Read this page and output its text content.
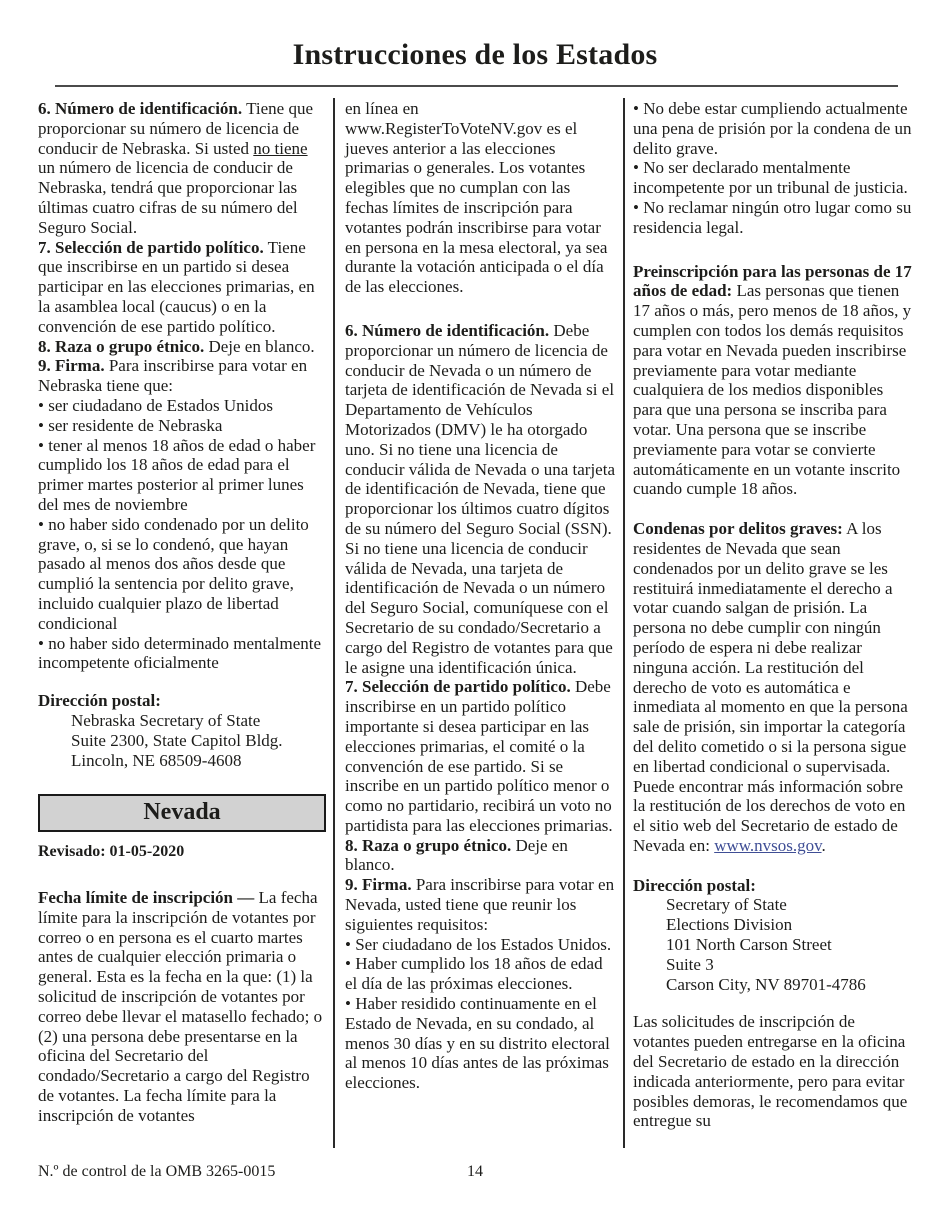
Instrucciones de los Estados

6. Número de identificación. Tiene que proporcionar su número de licencia de conducir de Nebraska. Si usted no tiene un número de licencia de conducir de Nebraska, tendrá que proporcionar las últimas cuatro cifras de su número del Seguro Social.

7. Selección de partido político. Tiene que inscribirse en un partido si desea participar en las elecciones primarias, en la asamblea local (caucus) o en la convención de ese partido político.

8. Raza o grupo étnico. Deje en blanco.

9. Firma. Para inscribirse para votar en Nebraska tiene que:

• ser ciudadano de Estados Unidos

• ser residente de Nebraska

• tener al menos 18 años de edad o haber cumplido los 18 años de edad para el primer martes posterior al primer lunes del mes de noviembre

• no haber sido condenado por un delito grave, o, si se lo condenó, que hayan pasado al menos dos años desde que cumplió la sentencia por delito grave, incluido cualquier plazo de libertad condicional

• no haber sido determinado mentalmente incompetente oficialmente

Dirección postal:

Nebraska Secretary of State
Suite 2300, State Capitol Bldg.
Lincoln, NE 68509-4608
Nevada

Revisado: 01-05-2020

Fecha límite de inscripción — La fecha límite para la inscripción de votantes por correo o en persona es el cuarto martes antes de cualquier elección primaria o general. Esta es la fecha en la que: (1) la solicitud de inscripción de votantes por correo debe llevar el matasello fechado; o (2) una persona debe presentarse en la oficina del Secretario del condado/Secretario a cargo del Registro de votantes. La fecha límite para la inscripción de votantes

en línea en www.RegisterToVoteNV.gov es el jueves anterior a las elecciones primarias o generales. Los votantes elegibles que no cumplan con las fechas límites de inscripción para votantes podrán inscribirse para votar en persona en la mesa electoral, ya sea durante la votación anticipada o el día de las elecciones.

6. Número de identificación. Debe proporcionar un número de licencia de conducir de Nevada o un número de tarjeta de identificación de Nevada si el Departamento de Vehículos Motorizados (DMV) le ha otorgado uno. Si no tiene una licencia de conducir válida de Nevada o una tarjeta de identificación de Nevada, tiene que proporcionar los últimos cuatro dígitos de su número del Seguro Social (SSN). Si no tiene una licencia de conducir válida de Nevada, una tarjeta de identificación de Nevada o un número del Seguro Social, comuníquese con el Secretario de su condado/Secretario a cargo del Registro de votantes para que le asigne una identificación única.

7. Selección de partido político. Debe inscribirse en un partido político importante si desea participar en las elecciones primarias, el comité o la convención de ese partido. Si se inscribe en un partido político menor o como no partidario, recibirá un voto no partidista para las elecciones primarias.

8. Raza o grupo étnico. Deje en blanco.

9. Firma. Para inscribirse para votar en Nevada, usted tiene que reunir los siguientes requisitos:

• Ser ciudadano de los Estados Unidos.

• Haber cumplido los 18 años de edad el día de las próximas elecciones.

• Haber residido continuamente en el Estado de Nevada, en su condado, al menos 30 días y en su distrito electoral al menos 10 días antes de las próximas elecciones.

• No debe estar cumpliendo actualmente una pena de prisión por la condena de un delito grave.

• No ser declarado mentalmente incompetente por un tribunal de justicia.

• No reclamar ningún otro lugar como su residencia legal.

Preinscripción para las personas de 17 años de edad: Las personas que tienen 17 años o más, pero menos de 18 años, y cumplen con todos los demás requisitos para votar en Nevada pueden inscribirse previamente para votar mediante cualquiera de los medios disponibles para que una persona se inscriba para votar. Una persona que se inscribe previamente para votar se convierte automáticamente en un votante inscrito cuando cumple 18 años.

Condenas por delitos graves: A los residentes de Nevada que sean condenados por un delito grave se les restituirá inmediatamente el derecho a votar cuando salgan de prisión. La persona no debe cumplir con ningún período de espera ni debe realizar ninguna acción. La restitución del derecho de voto es automática e inmediata al momento en que la persona sale de prisión, sin importar la categoría del delito cometido o si la persona sigue en libertad condicional o supervisada. Puede encontrar más información sobre la restitución de los derechos de voto en el sitio web del Secretario de estado de Nevada en: www.nvsos.gov.

Dirección postal:

Secretary of State
Elections Division
101 North Carson Street
Suite 3
Carson City, NV 89701-4786

Las solicitudes de inscripción de votantes pueden entregarse en la oficina del Secretario de estado en la dirección indicada anteriormente, pero para evitar posibles demoras, le recomendamos que entregue su

N.º de control de la OMB 3265-0015	14
